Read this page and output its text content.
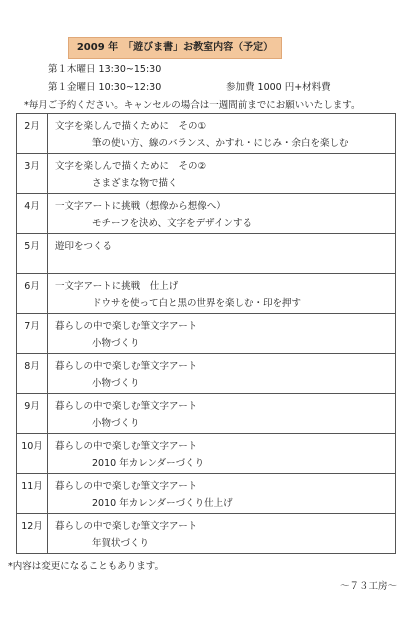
2009 年　「遊びま書」お教室内容（予定）
第１木曜日 13:30~15:30
第１金曜日 10:30~12:30	参加費 1000 円+材料費
*毎月ご予約ください。キャンセルの場合は一週間前までにお願いいたします。
2月	文字を楽しんで描くために　その①
筆の使い方、線のバランス、かすれ・にじみ・余白を楽しむ

3月	文字を楽しんで描くために　その②
さまざまな物で描く

4月	一文字アートに挑戦（想像から想像へ）
モチーフを決め、文字をデザインする

5月	遊印をつくる

6月	一文字アートに挑戦　仕上げ
ドウサを使って白と黒の世界を楽しむ・印を押す

7月	暮らしの中で楽しむ筆文字アート
小物づくり

8月	暮らしの中で楽しむ筆文字アート
小物づくり

9月	暮らしの中で楽しむ筆文字アート
小物づくり

10月	暮らしの中で楽しむ筆文字アート
2010 年カレンダーづくり

11月	暮らしの中で楽しむ筆文字アート
2010 年カレンダーづくり仕上げ

12月	暮らしの中で楽しむ筆文字アート
年賀状づくり
*内容は変更になることもあります。
～７３工房～
